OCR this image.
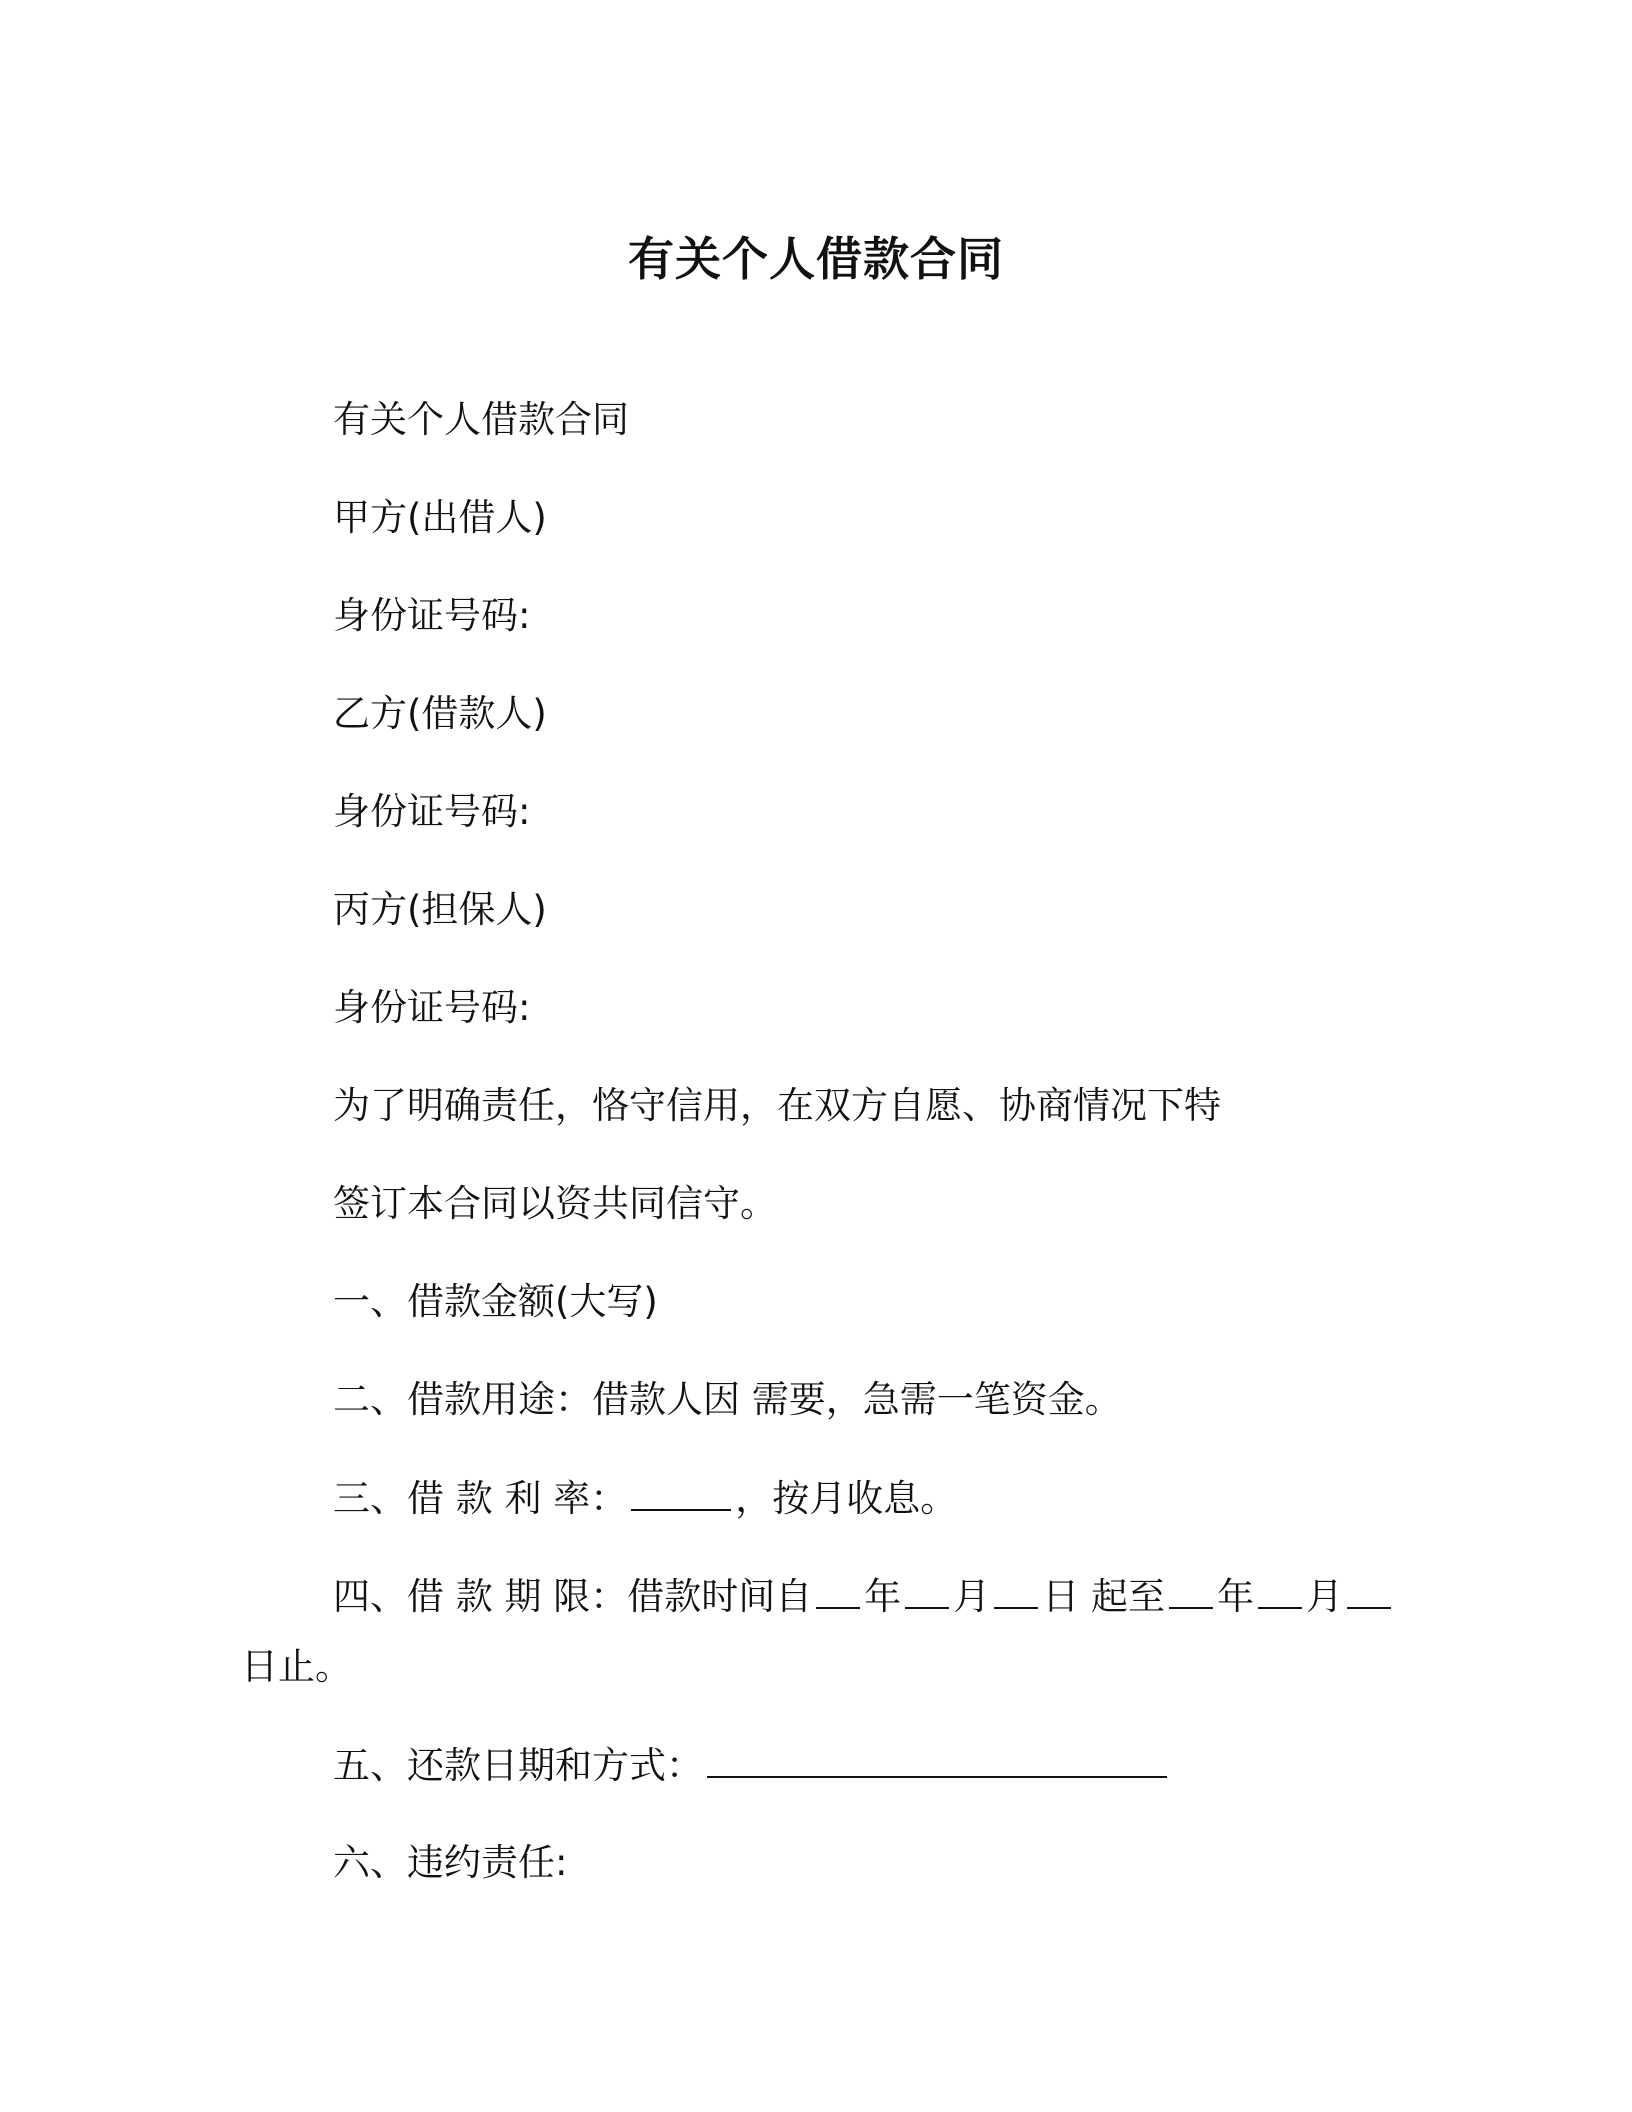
有关个人借款合同
有关个人借款合同
甲方(出借人)
身份证号码:
乙方(借款人)
身份证号码:
丙方(担保人)
身份证号码:
为了明确责任，恪守信用，在双方自愿、协商情况下特
签订本合同以资共同信守。
一、借款金额(大写)
二、借款用途：借款人因 需要，急需一笔资金。
三、借 款 利 率：	，按月收息。
四、借 款 期 限：借款时间自 年 月 日 起至 年 月
日止。
五、还款日期和方式：
六、违约责任:
